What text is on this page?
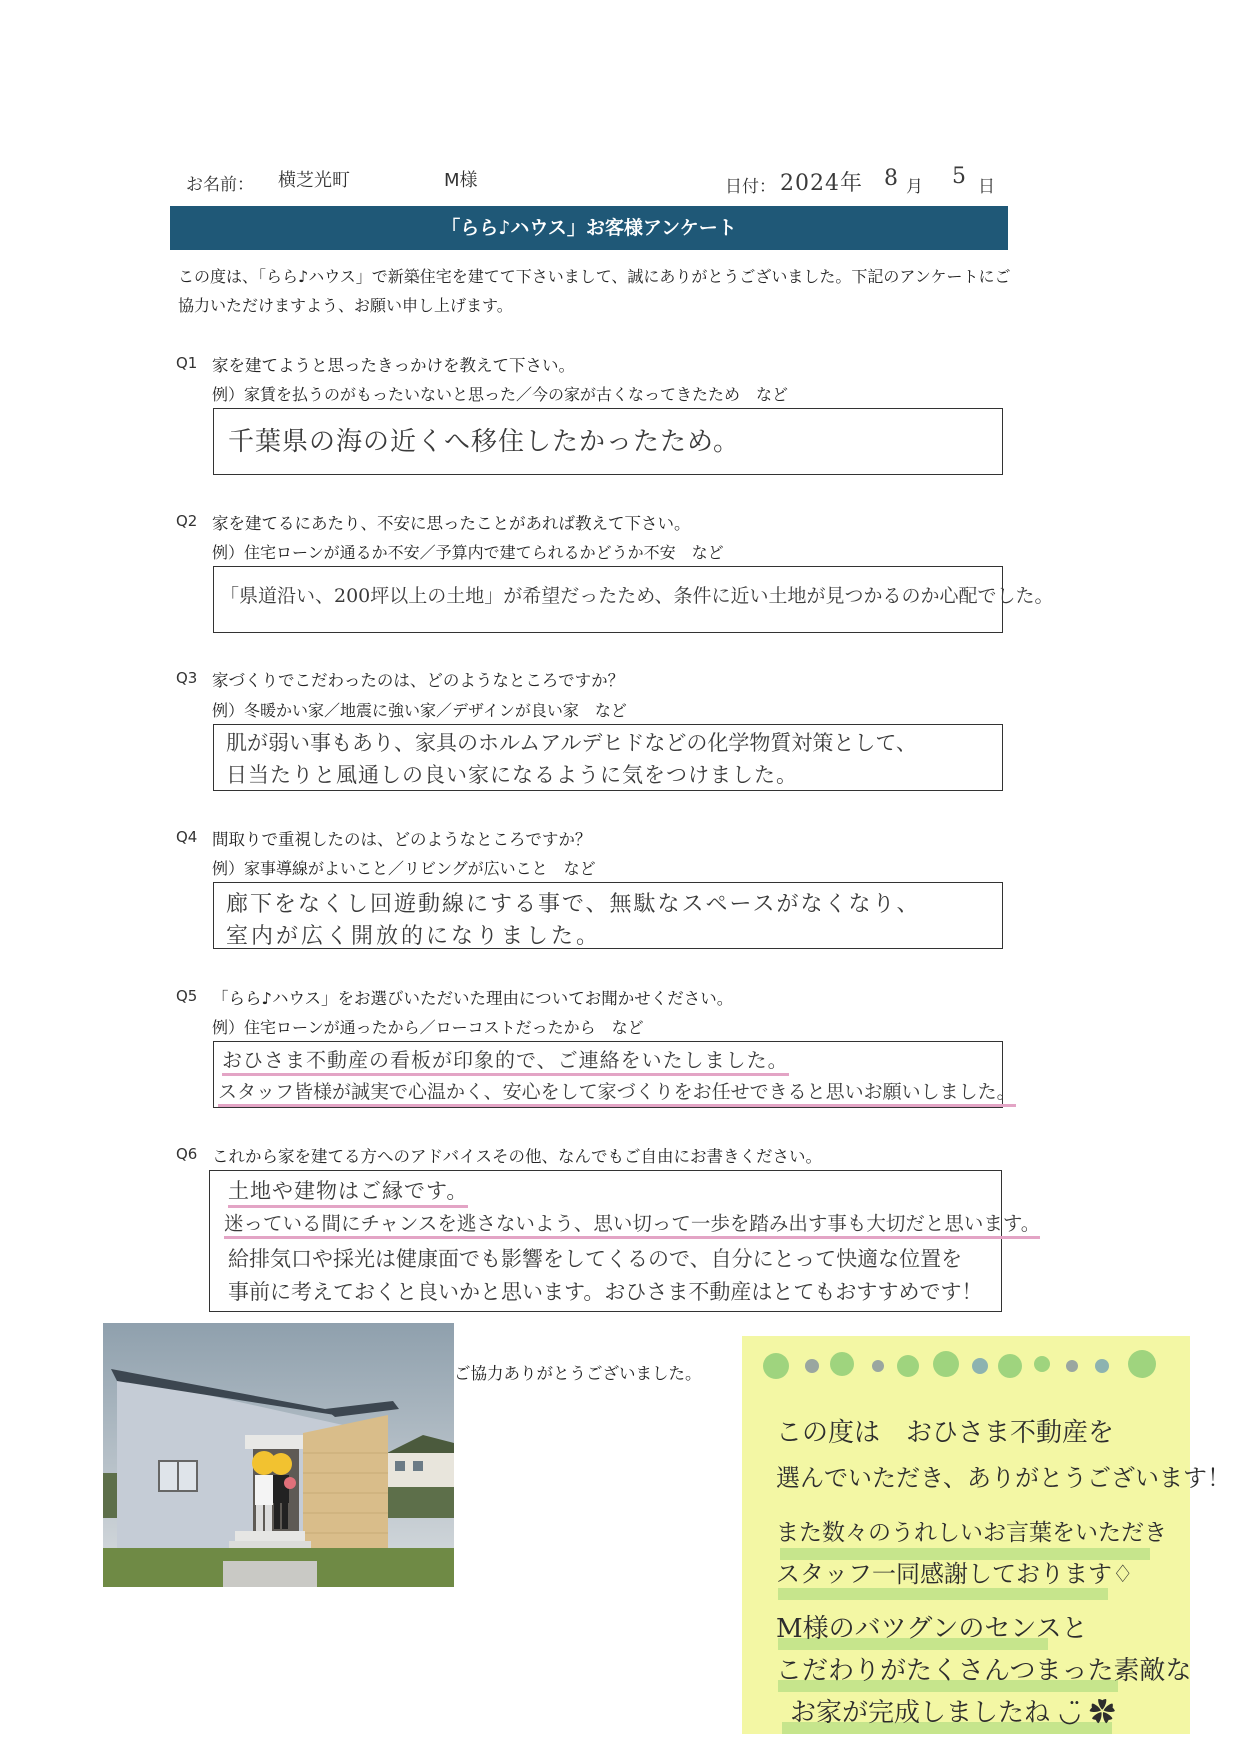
お名前： 横芝光町	M様	日付： 2024年 8 月 5 日
「らら♪ハウス」お客様アンケート
この度は、「らら♪ハウス」で新築住宅を建てて下さいまして、誠にありがとうございました。下記のアンケートにご協力いただけますよう、お願い申し上げます。
Q1 家を建てようと思ったきっかけを教えて下さい。
例）家賃を払うのがもったいないと思った／今の家が古くなってきたため　など
千葉県の海の近くへ移住したかったため。
Q2 家を建てるにあたり、不安に思ったことがあれば教えて下さい。
例）住宅ローンが通るか不安／予算内で建てられるかどうか不安　など
「県道沿い、200坪以上の土地」が希望だったため、条件に近い土地が見つかるのか心配でした。
Q3 家づくりでこだわったのは、どのようなところですか？
例）冬暖かい家／地震に強い家／デザインが良い家　など
肌が弱い事もあり、家具のホルムアルデヒドなどの化学物質対策として、
日当たりと風通しの良い家になるように気をつけました。
Q4 間取りで重視したのは、どのようなところですか？
例）家事導線がよいこと／リビングが広いこと　など
廊下をなくし回遊動線にする事で、無駄なスペースがなくなり、
室内が広く開放的になりました。
Q5 「らら♪ハウス」をお選びいただいた理由についてお聞かせください。
例）住宅ローンが通ったから／ローコストだったから　など
おひさま不動産の看板が印象的で、ご連絡をいたしました。
スタッフ皆様が誠実で心温かく、安心をして家づくりをお任せできると思いお願いしました。
Q6 これから家を建てる方へのアドバイスその他、なんでもご自由にお書きください。
土地や建物はご縁です。
迷っている間にチャンスを逃さないよう、思い切って一歩を踏み出す事も大切だと思います。
給排気口や採光は健康面でも影響をしてくるので、自分にとって快適な位置を
事前に考えておくと良いかと思います。おひさま不動産はとてもおすすめです！
ご協力ありがとうございました。
この度は　おひさま不動産を
選んでいただき、ありがとうございます！
また数々のうれしいお言葉をいただき
スタッフ一同感謝しております♢
M様のバツグンのセンスと
こだわりがたくさんつまった素敵な
お家が完成しましたね ◡̈ ✿
